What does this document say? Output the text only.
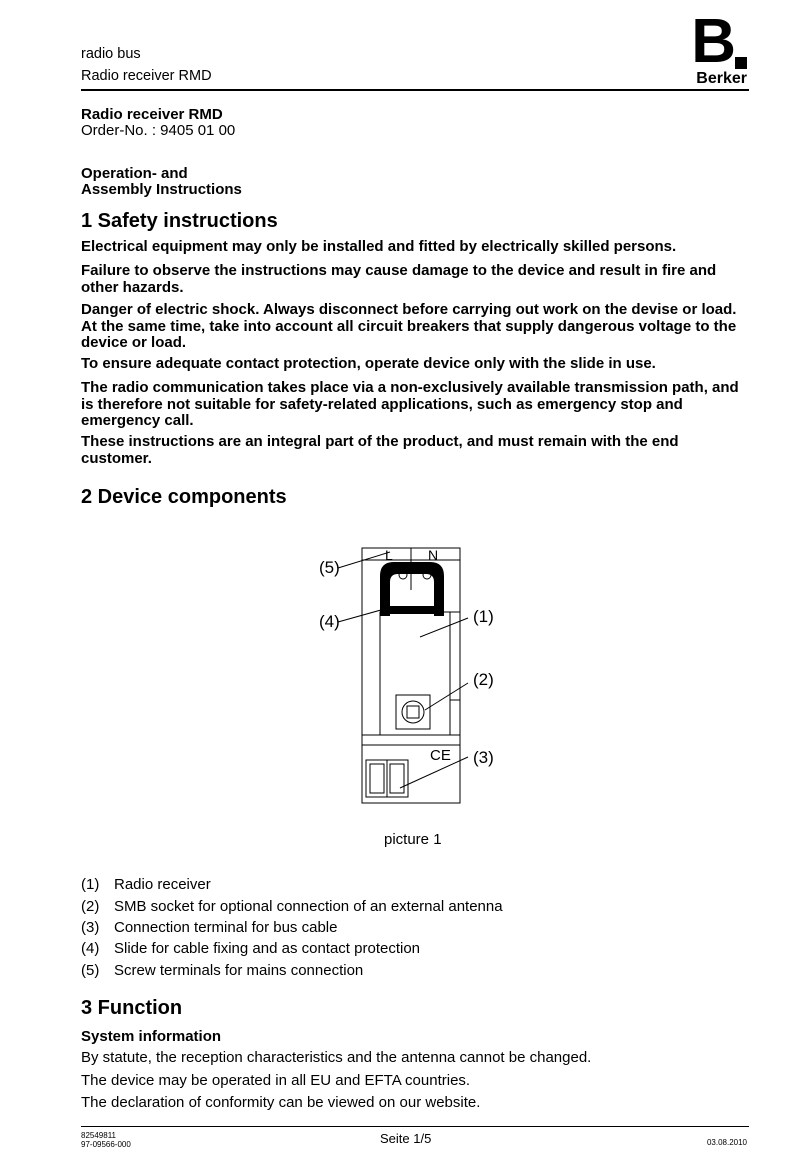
radio bus
Radio receiver RMD	B
Berker
Radio receiver RMD
Order-No. : 9405 01 00
Operation- and
Assembly Instructions
1 Safety instructions
Electrical equipment may only be installed and fitted by electrically skilled persons.
Failure to observe the instructions may cause damage to the device and result in fire and other hazards.
Danger of electric shock. Always disconnect before carrying out work on the devise or load. At the same time, take into account all circuit breakers that supply dangerous voltage to the device or load.
To ensure adequate contact protection, operate device only with the slide in use.
The radio communication takes place via a non-exclusively available transmission path, and is therefore not suitable for safety-related applications, such as emergency stop and emergency call.
These instructions are an integral part of the product, and must remain with the end customer.
2 Device components
(5)
(4)	(1)
(2)
(3)
L	N
CE
picture 1
(1) Radio receiver
(2) SMB socket for optional connection of an external antenna
(3) Connection terminal for bus cable
(4) Slide for cable fixing and as contact protection
(5) Screw terminals for mains connection
3 Function
System information
By statute, the reception characteristics and the antenna cannot be changed.
The device may be operated in all EU and EFTA countries.
The declaration of conformity can be viewed on our website.
82549811
97-09566-000	Seite 1/5	03.08.2010
